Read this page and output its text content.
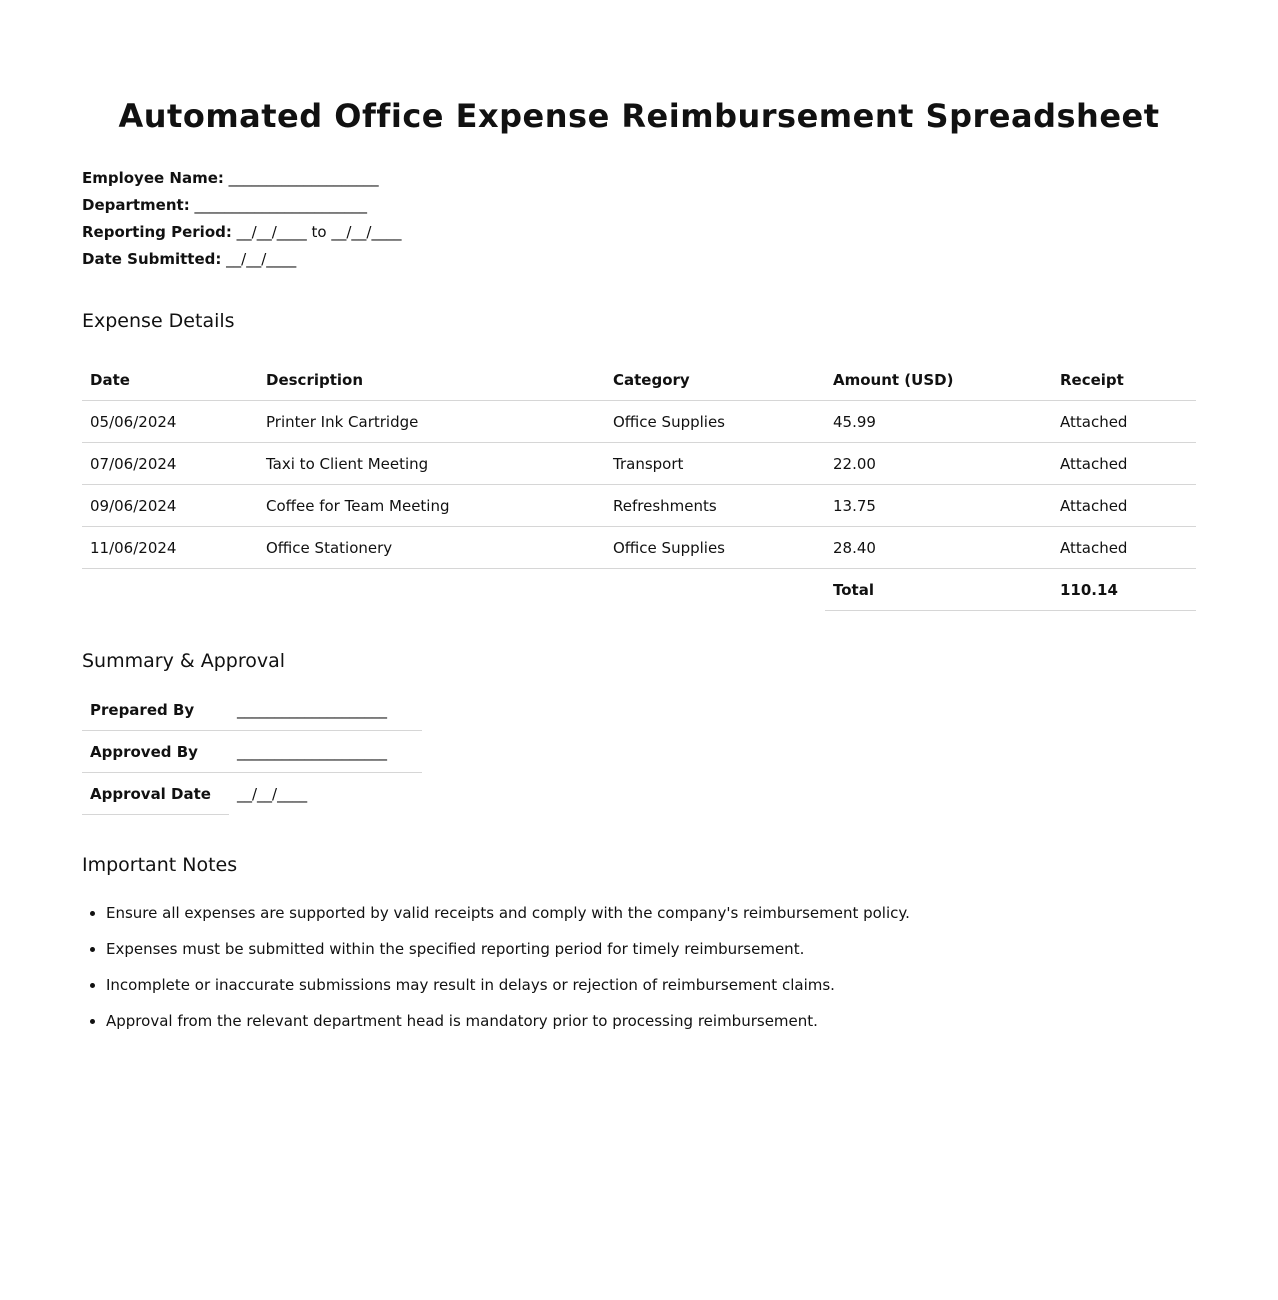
Automated Office Expense Reimbursement Spreadsheet
Employee Name: ____________________
Department: _______________________
Reporting Period: __/__/____ to __/__/____
Date Submitted: __/__/____
Expense Details
Date	Description	Category	Amount (USD)	Receipt
05/06/2024	Printer Ink Cartridge	Office Supplies	45.99	Attached
07/06/2024	Taxi to Client Meeting	Transport	22.00	Attached
09/06/2024	Coffee for Team Meeting	Refreshments	13.75	Attached
11/06/2024	Office Stationery	Office Supplies	28.40	Attached
			Total	110.14
Summary & Approval
Prepared By	____________________
Approved By	____________________
Approval Date	__/__/____
Important Notes
• Ensure all expenses are supported by valid receipts and comply with the company's reimbursement policy.
• Expenses must be submitted within the specified reporting period for timely reimbursement.
• Incomplete or inaccurate submissions may result in delays or rejection of reimbursement claims.
• Approval from the relevant department head is mandatory prior to processing reimbursement.
